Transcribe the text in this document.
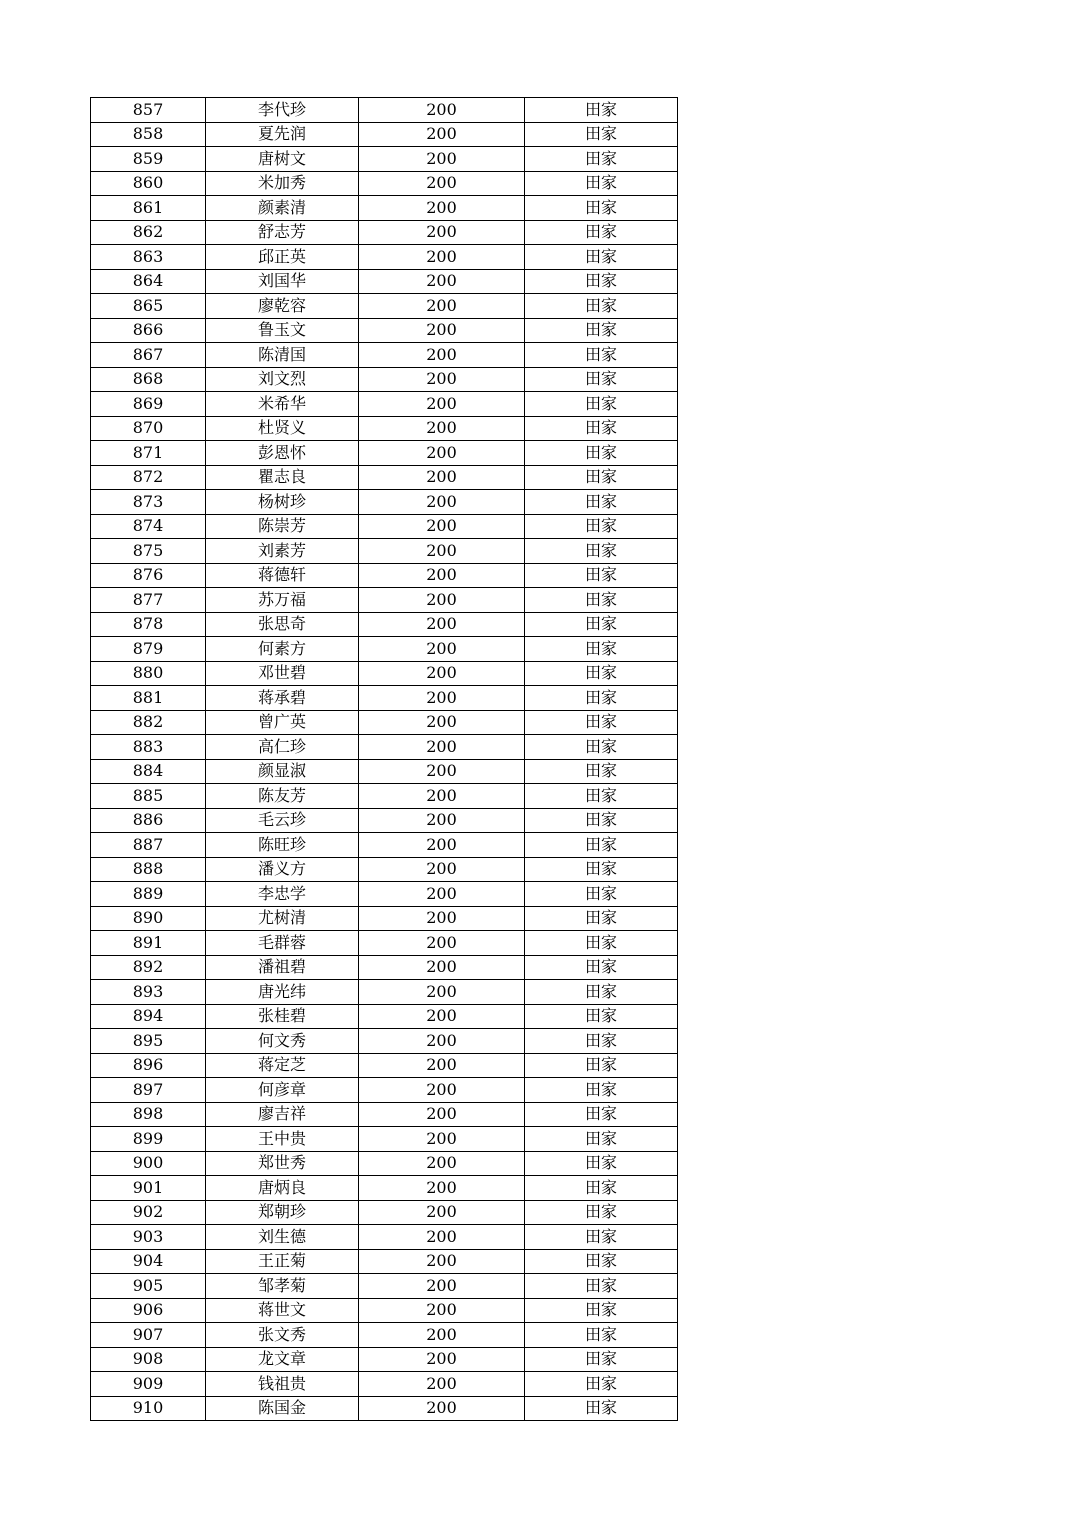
857	李代珍	200	田家
858	夏先润	200	田家
859	唐树文	200	田家
860	米加秀	200	田家
861	颜素清	200	田家
862	舒志芳	200	田家
863	邱正英	200	田家
864	刘国华	200	田家
865	廖乾容	200	田家
866	鲁玉文	200	田家
867	陈清国	200	田家
868	刘文烈	200	田家
869	米希华	200	田家
870	杜贤义	200	田家
871	彭恩怀	200	田家
872	瞿志良	200	田家
873	杨树珍	200	田家
874	陈崇芳	200	田家
875	刘素芳	200	田家
876	蒋德轩	200	田家
877	苏万福	200	田家
878	张思奇	200	田家
879	何素方	200	田家
880	邓世碧	200	田家
881	蒋承碧	200	田家
882	曾广英	200	田家
883	高仁珍	200	田家
884	颜显淑	200	田家
885	陈友芳	200	田家
886	毛云珍	200	田家
887	陈旺珍	200	田家
888	潘义方	200	田家
889	李忠学	200	田家
890	尤树清	200	田家
891	毛群蓉	200	田家
892	潘祖碧	200	田家
893	唐光纬	200	田家
894	张桂碧	200	田家
895	何文秀	200	田家
896	蒋定芝	200	田家
897	何彦章	200	田家
898	廖吉祥	200	田家
899	王中贵	200	田家
900	郑世秀	200	田家
901	唐炳良	200	田家
902	郑朝珍	200	田家
903	刘生德	200	田家
904	王正菊	200	田家
905	邹孝菊	200	田家
906	蒋世文	200	田家
907	张文秀	200	田家
908	龙文章	200	田家
909	钱祖贵	200	田家
910	陈国金	200	田家
